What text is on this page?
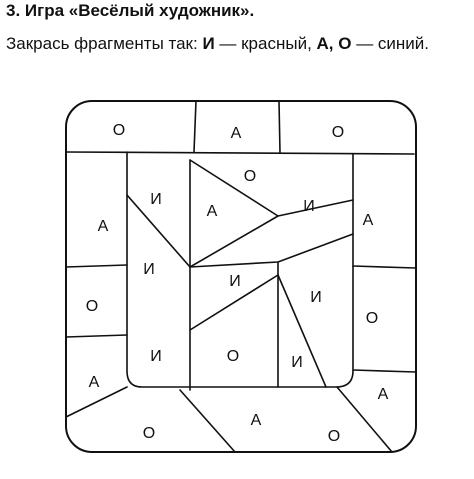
3. Игра «Весёлый художник».
Закрась фрагменты так: И — красный, А, О — синий.
О	А	О
О
И
А	И
А	А
И
И
И
О
О
И	О	И
А
А
О
А
О
